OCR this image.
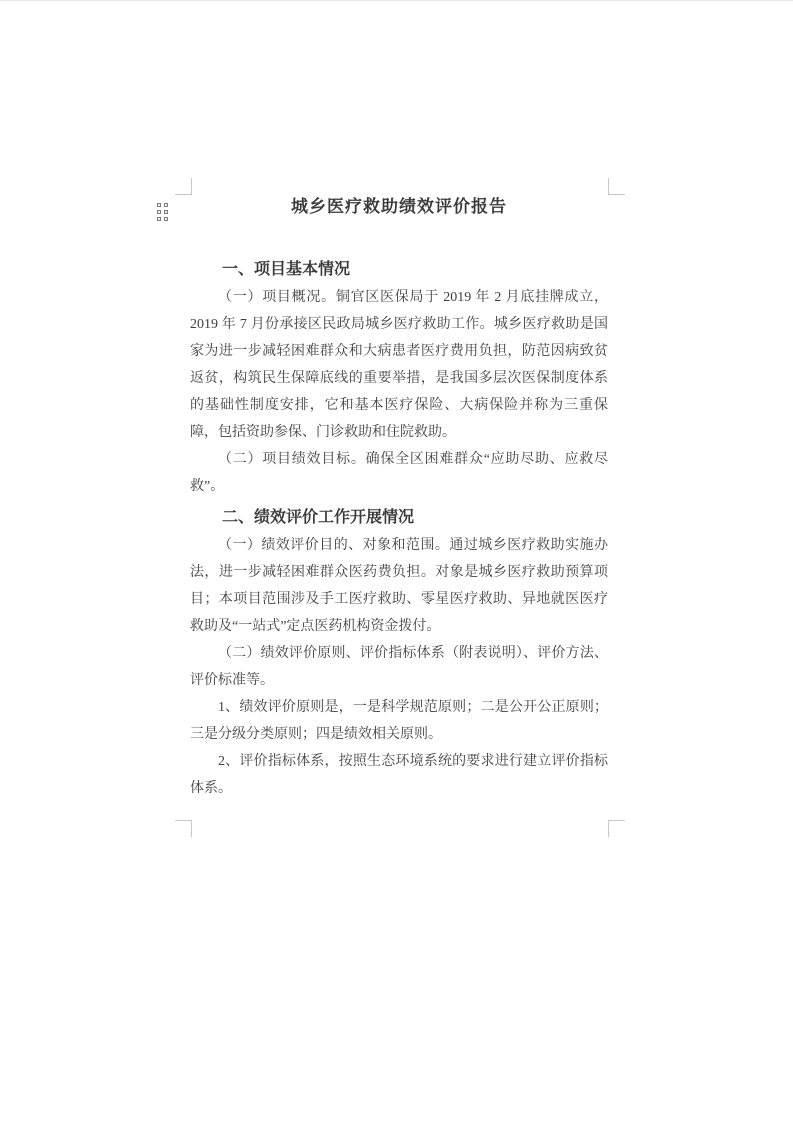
城乡医疗救助绩效评价报告
一、项目基本情况

（一）项目概况。铜官区医保局于 2019 年 2 月底挂牌成立，2019 年 7 月份承接区民政局城乡医疗救助工作。城乡医疗救助是国家为进一步减轻困难群众和大病患者医疗费用负担，防范因病致贫返贫，构筑民生保障底线的重要举措，是我国多层次医保制度体系的基础性制度安排，它和基本医疗保险、大病保险并称为三重保障，包括资助参保、门诊救助和住院救助。

（二）项目绩效目标。确保全区困难群众“应助尽助、应救尽救”。

二、绩效评价工作开展情况

（一）绩效评价目的、对象和范围。通过城乡医疗救助实施办法，进一步减轻困难群众医药费负担。对象是城乡医疗救助预算项目；本项目范围涉及手工医疗救助、零星医疗救助、异地就医医疗救助及“一站式”定点医药机构资金拨付。

（二）绩效评价原则、评价指标体系（附表说明）、评价方法、评价标准等。

1、绩效评价原则是，一是科学规范原则；二是公开公正原则；三是分级分类原则；四是绩效相关原则。

2、评价指标体系，按照生态环境系统的要求进行建立评价指标体系。
